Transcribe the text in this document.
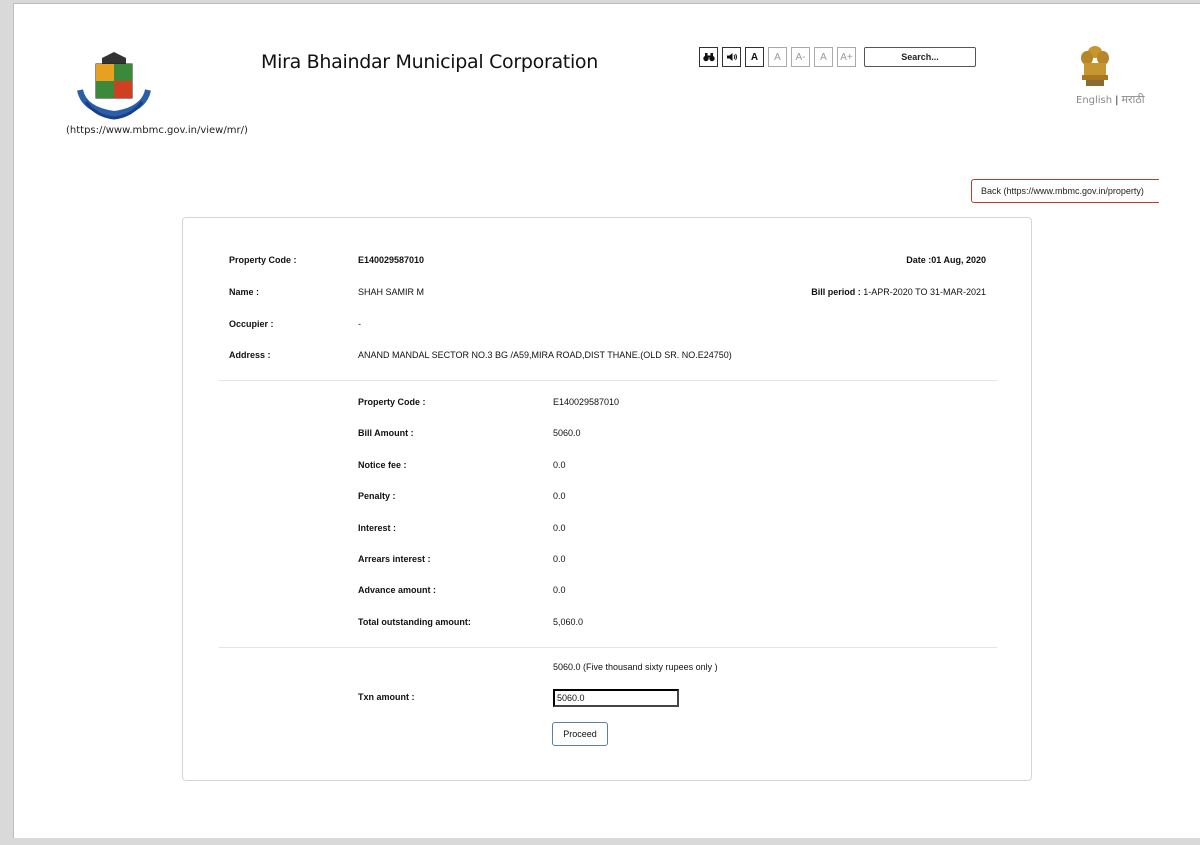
(https://www.mbmc.gov.in/view/mr/)
Mira Bhaindar Municipal Corporation	A	A	A-	A	A+	Search...
English | मराठी
Back (https://www.mbmc.gov.in/property)
Property Code :	E140029587010	Date :01 Aug, 2020
Name :	SHAH SAMIR M	Bill period : 1-APR-2020 TO 31-MAR-2021
Occupier :	-
Address :	ANAND MANDAL SECTOR NO.3 BG /A59,MIRA ROAD,DIST THANE.(OLD SR. NO.E24750)
Property Code :	E140029587010
Bill Amount :	5060.0
Notice fee :	0.0
Penalty :	0.0
Interest :	0.0
Arrears interest :	0.0
Advance amount :	0.0
Total outstanding amount:	5,060.0
5060.0 (Five thousand sixty rupees only )
Txn amount :
5060.0
Proceed
